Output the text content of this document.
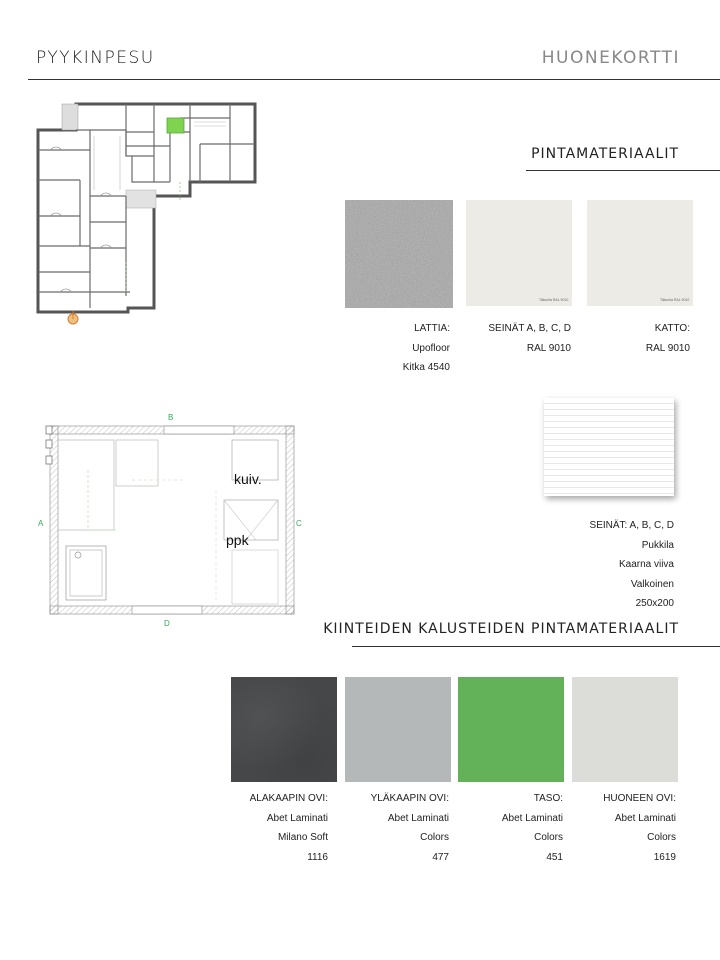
PYYKINPESU	HUONEKORTTI
PINTAMATERIAALIT
Tikkurila RAL 9010	Tikkurila RAL 9010
LATTIA:
Upofloor
Kitka 4540
SEINÄT A, B, C, D
RAL 9010
KATTO:
RAL 9010
B
A	C
D
kuiv.
ppk
SEINÄT: A, B, C, D
Pukkila
Kaarna viiva
Valkoinen
250x200
KIINTEIDEN KALUSTEIDEN PINTAMATERIAALIT
ALAKAAPIN OVI:
Abet Laminati
Milano Soft
1116
YLÄKAAPIN OVI:
Abet Laminati
Colors
477
TASO:
Abet Laminati
Colors
451
HUONEEN OVI:
Abet Laminati
Colors
1619
